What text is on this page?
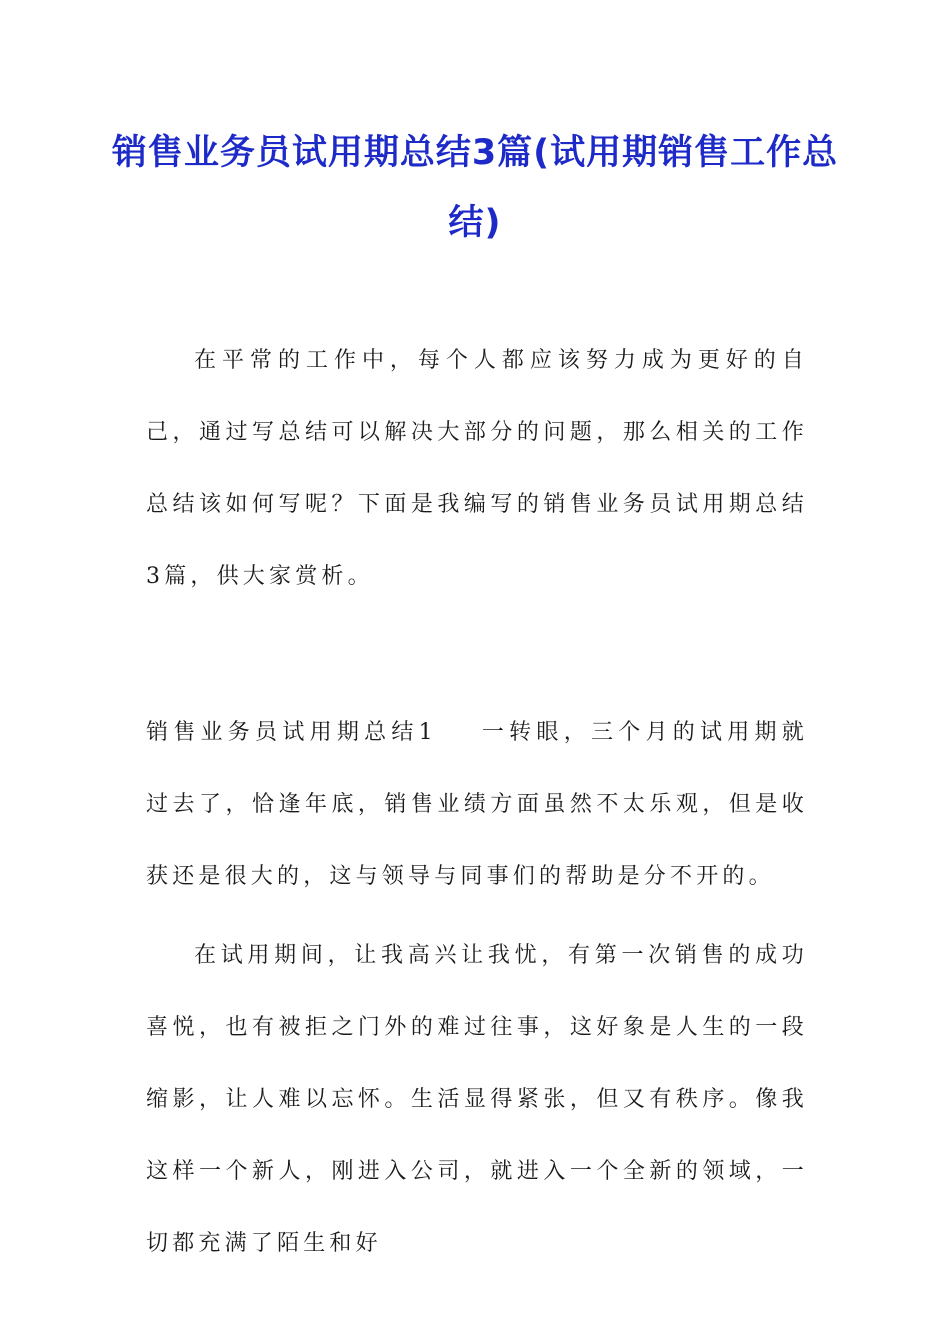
销售业务员试用期总结3篇(试用期销售工作总结)

在平常的工作中，每个人都应该努力成为更好的自己，通过写总结可以解决大部分的问题，那么相关的工作总结该如何写呢？下面是我编写的销售业务员试用期总结3篇，供大家赏析。

销售业务员试用期总结1 一转眼，三个月的试用期就过去了，恰逢年底，销售业绩方面虽然不太乐观，但是收获还是很大的，这与领导与同事们的帮助是分不开的。

在试用期间，让我高兴让我忧，有第一次销售的成功喜悦，也有被拒之门外的难过往事，这好象是人生的一段缩影，让人难以忘怀。生活显得紧张，但又有秩序。像我这样一个新人，刚进入公司，就进入一个全新的领域，一切都充满了陌生和好
